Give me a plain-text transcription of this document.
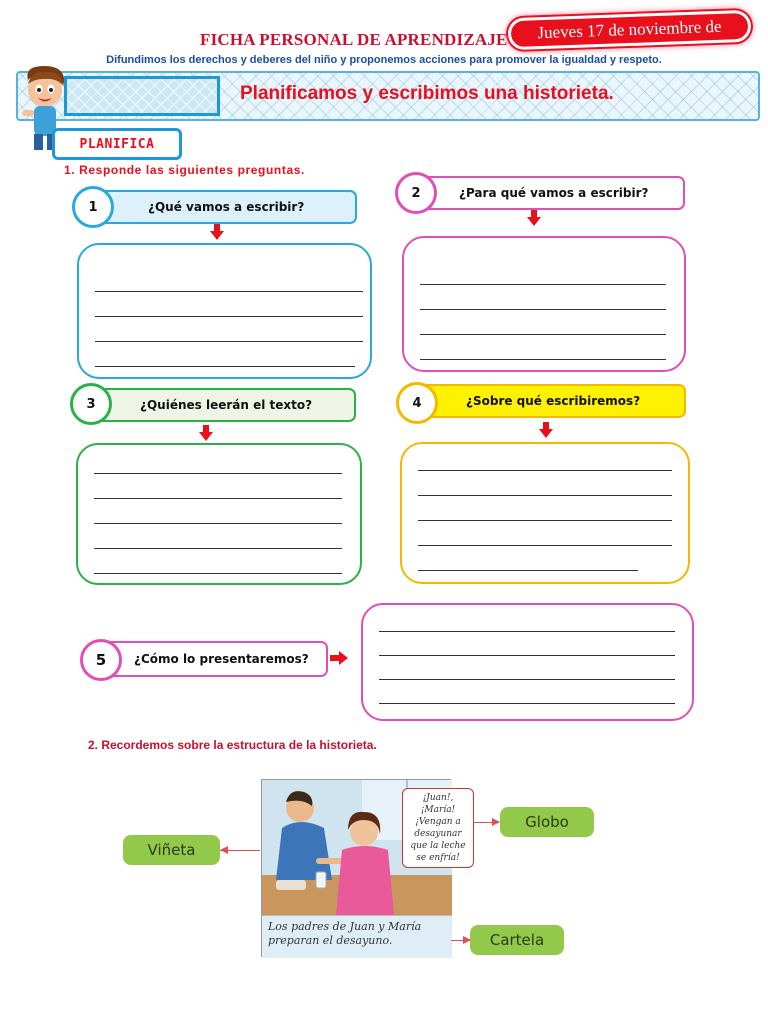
FICHA PERSONAL DE APRENDIZAJE	Jueves 17 de noviembre de
Difundimos los derechos y deberes del niño y proponemos acciones para promover la igualdad y respeto.
Planificamos y escribimos una historieta.
PLANIFICA
1. Responde las siguientes preguntas.
¿Qué vamos a escribir?
1
¿Para qué vamos a escribir?
2
¿Quiénes leerán el texto?
3	¿Sobre qué escribiremos?
4
¿Cómo lo presentaremos?
5
2. Recordemos sobre la estructura de la historieta.
¡Juan!, ¡María! ¡Vengan a desayunar que la leche se enfría!
Los padres de Juan y María preparan el desayuno.
Viñeta
Globo
Cartela
